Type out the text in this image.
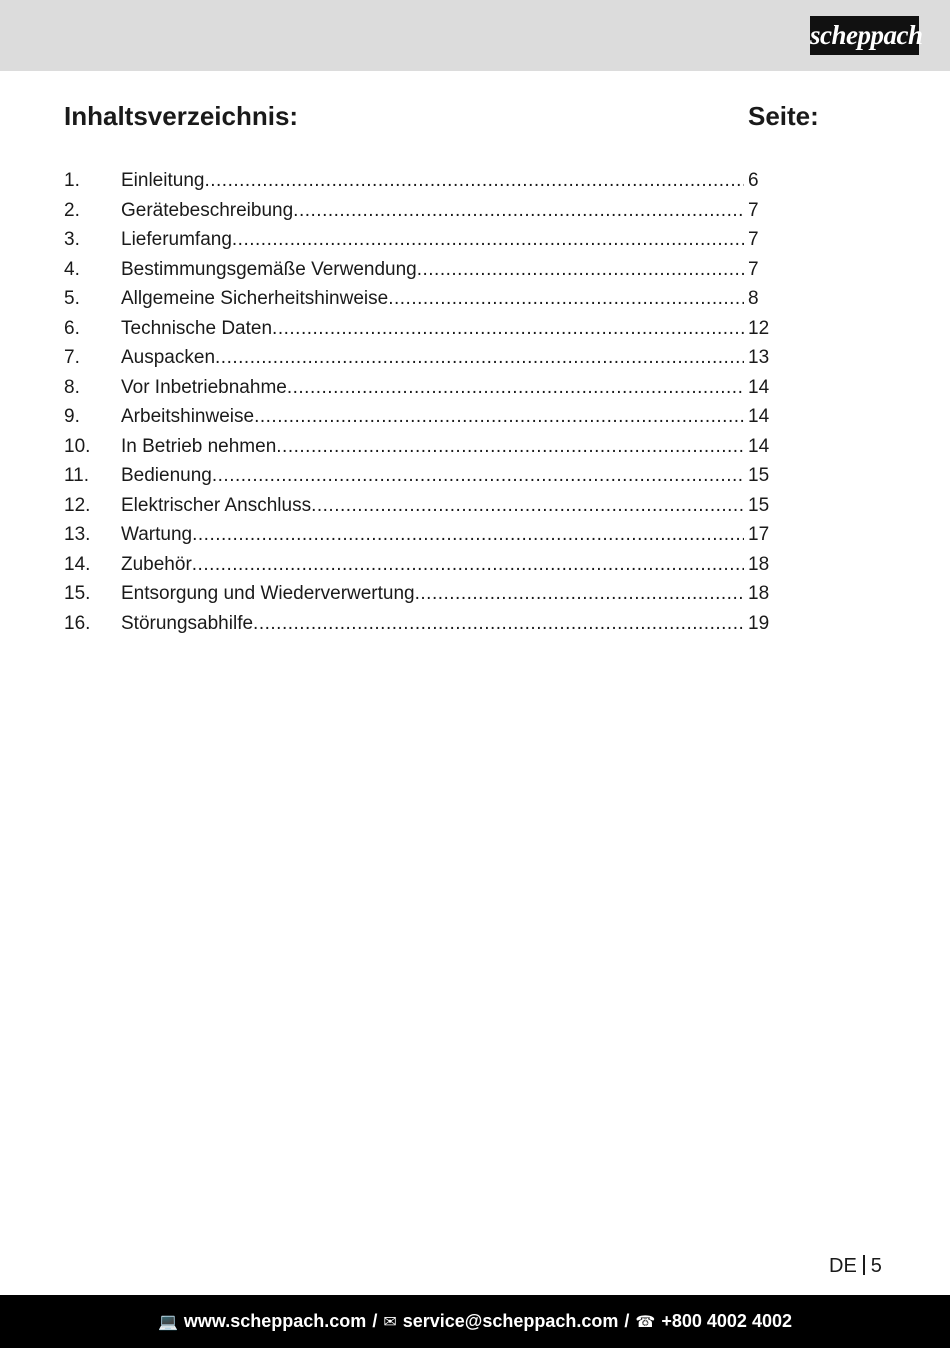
scheppach
Inhaltsverzeichnis:	Seite:
1.	Einleitung .....	6
2.	Gerätebeschreibung .....	7
3.	Lieferumfang .....	7
4.	Bestimmungsgemäße Verwendung .....	7
5.	Allgemeine Sicherheitshinweise .....	8
6.	Technische Daten .....	12
7.	Auspacken .....	13
8.	Vor Inbetriebnahme .....	14
9.	Arbeitshinweise .....	14
10.	In Betrieb nehmen .....	14
11.	Bedienung .....	15
12.	Elektrischer Anschluss .....	15
13.	Wartung .....	17
14.	Zubehör .....	18
15.	Entsorgung und Wiederverwertung .....	18
16.	Störungsabhilfe .....	19
DE 5
💻 www.scheppach.com / ✉ service@scheppach.com / ☎ +800 4002 4002
